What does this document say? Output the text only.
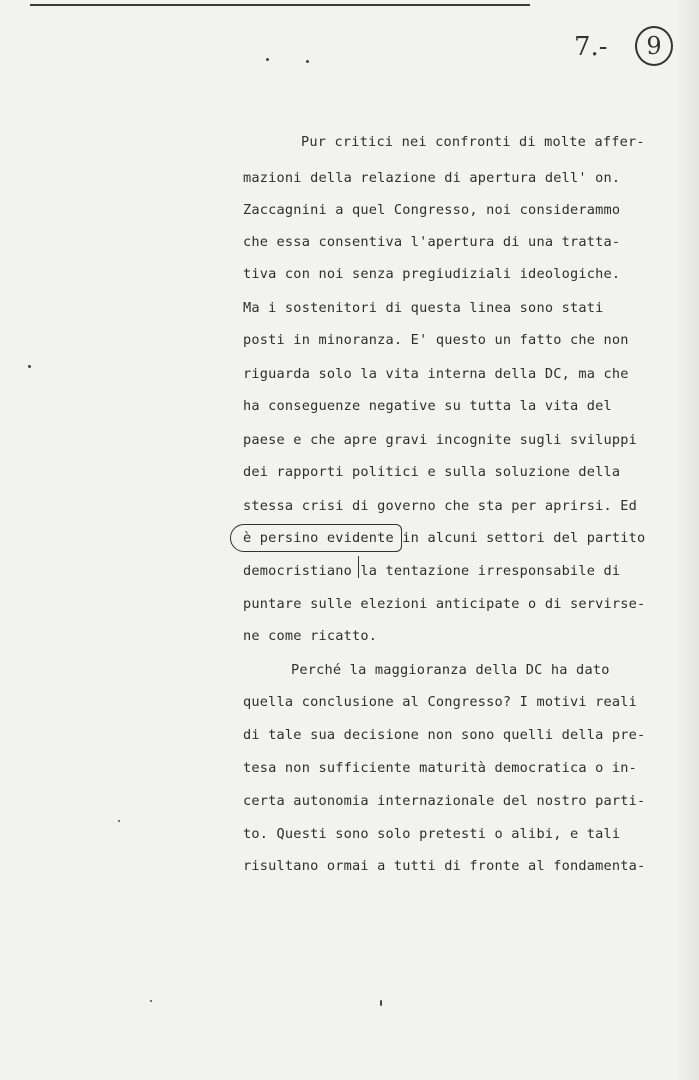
7.-	9
Pur critici nei confronti di molte affer-
mazioni della relazione di apertura dell' on.
Zaccagnini a quel Congresso, noi considerammo
che essa consentiva l'apertura di una tratta-
tiva con noi senza pregiudiziali ideologiche.
Ma i sostenitori di questa linea sono stati
posti in minoranza. E' questo un fatto che non
riguarda solo la vita interna della DC, ma che
ha conseguenze negative su tutta la vita del
paese e che apre gravi incognite sugli sviluppi
dei rapporti politici e sulla soluzione della
stessa crisi di governo che sta per aprirsi. Ed
è persino evidente in alcuni settori del partito
democristiano la tentazione irresponsabile di
puntare sulle elezioni anticipate o di servirse-
ne come ricatto.
Perché la maggioranza della DC ha dato
quella conclusione al Congresso? I motivi reali
di tale sua decisione non sono quelli della pre-
tesa non sufficiente maturità democratica o in-
certa autonomia internazionale del nostro parti-
to. Questi sono solo pretesti o alibi, e tali
risultano ormai a tutti di fronte al fondamenta-
